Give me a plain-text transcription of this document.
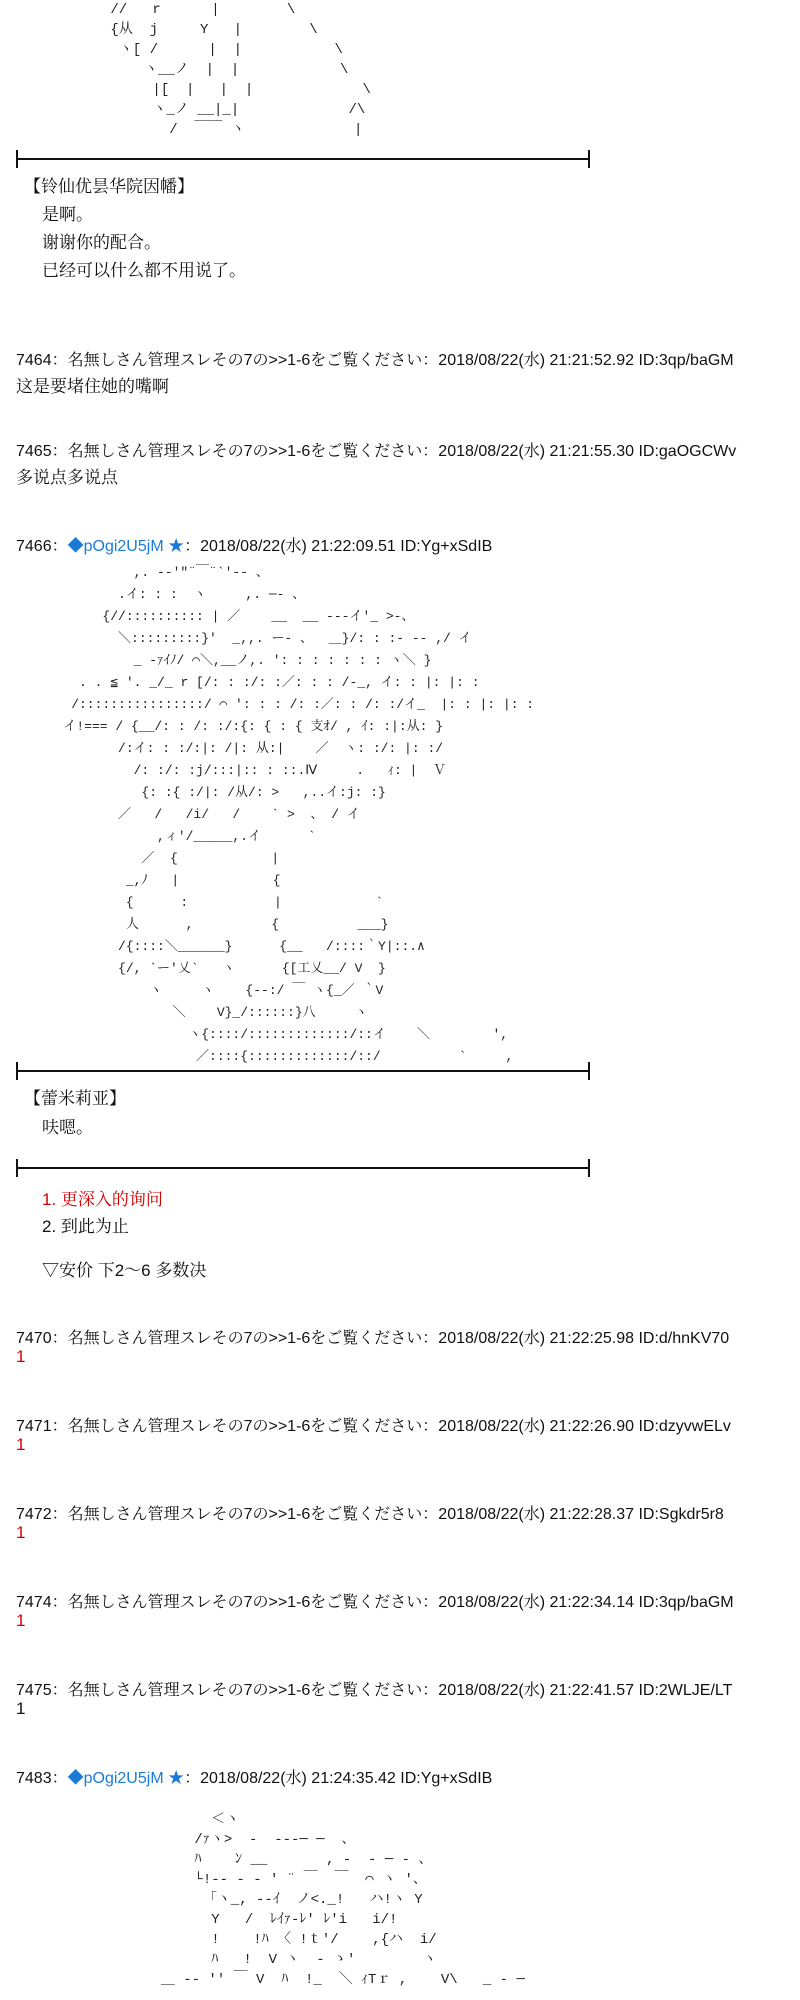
//   r      |        \
{从  j     Y   |        \
ヽ[ /      |  |           \
ヽ__ノ  |  |            \
|[  |   |  |             \
ヽ_ノ __|_|             /\
/  ￣￣ ヽ             |
【铃仙优昙华院因幡】
是啊。
谢谢你的配合。
已经可以什么都不用说了。
7464：名無しさん管理スレその7の>>1-6をご覧ください：2018/08/22(水) 21:21:52.92 ID:3qp/baGM
这是要堵住她的嘴啊
7465：名無しさん管理スレその7の>>1-6をご覧ください：2018/08/22(水) 21:21:55.30 ID:gaOGCWv
多说点多说点
7466：◆pOgi2U5jM ★：2018/08/22(水) 21:22:09.51 ID:Yg+xSdIB
,. -‐'"¨￣¨`'‐- 、
.イ: : :  ヽ     ,. ─‐ 、
{//:::::::::: | ／    __  __ ---イ'_ >-、
＼:::::::::}'  _,,. ー- 、  ＿}/: : :- -- ,/ イ
_ -ｧｲﾉ/ ⌒＼,__ノ,. ': : : : : : : ヽ＼ }
. . ≦ '. _/_ r [/: : :/: :／: : : /-_, イ: : |: |: :
/::::::::::::::::/ ⌒ ': : : /: :／: : /: :/イ_  |: : |: |: :
イ!=== / {__/: : /: :/:{: { : { 支ｵ/ , ｲ: :|:从: }
/:イ: : :/:|: /|: 从:|    ／  ヽ: :/: |: :/
/: :/: :j/:::|:: : ::.Ⅳ     .   ｨ: |  Ｖ
{: :{ :/|: /从/: >   ,..イ:j: :}
／   /   /i/   /    ` >  、 / イ
,ィ'/_____,.イ      `
／  {            |
_,ﾉ   |            {
{      :           |            `
人      ,          {          ___}
/{::::＼______}      {__   /::::｀Y|::.∧
{/, `ー'乂`   ヽ      {[工乂__/ V  }
ヽ     ヽ    {--:/ ￣ ヽ{_／ ｀V
＼    V}_/::::::}八     ヽ
ヽ{::::/:::::::::::::/::イ    ＼        ',
／::::{:::::::::::::/::/          `     ,
【蕾米莉亚】
呋嗯。
1. 更深入的询问
2. 到此为止
▽安价 下2～6 多数决
7470：名無しさん管理スレその7の>>1-6をご覧ください：2018/08/22(水) 21:22:25.98 ID:d/hnKV70
1
7471：名無しさん管理スレその7の>>1-6をご覧ください：2018/08/22(水) 21:22:26.90 ID:dzyvwELv
1
7472：名無しさん管理スレその7の>>1-6をご覧ください：2018/08/22(水) 21:22:28.37 ID:Sgkdr5r8
1
7474：名無しさん管理スレその7の>>1-6をご覧ください：2018/08/22(水) 21:22:34.14 ID:3qp/baGM
1
7475：名無しさん管理スレその7の>>1-6をご覧ください：2018/08/22(水) 21:22:41.57 ID:2WLJE/LT
1
7483：◆pOgi2U5jM ★：2018/08/22(水) 21:24:35.42 ID:Yg+xSdIB
＜ヽ
/ｧヽ>  -  ‐‐-─ ─  、
ﾊ    ﾝ __       , -  ‐ ─ - 、
└!-‐ - ‐ ' ¨ ￣  ￣  ⌒ ヽ '、
「ヽ_, --ｲ  ノ<._!   ハ!ヽ Y
Y   /  ﾚｲｧ-ﾚ' ﾚ'i   i/!
!    !ﾊ 〈 !ｔ'/    ,{ハ  i/
ﾊ   !  V ヽ  ‐ ゝ'        ヽ
＿ -‐ '' ￣ V  ﾊ  !_  ＼ ｨTｒ ,    V\   _ ‐ ─
